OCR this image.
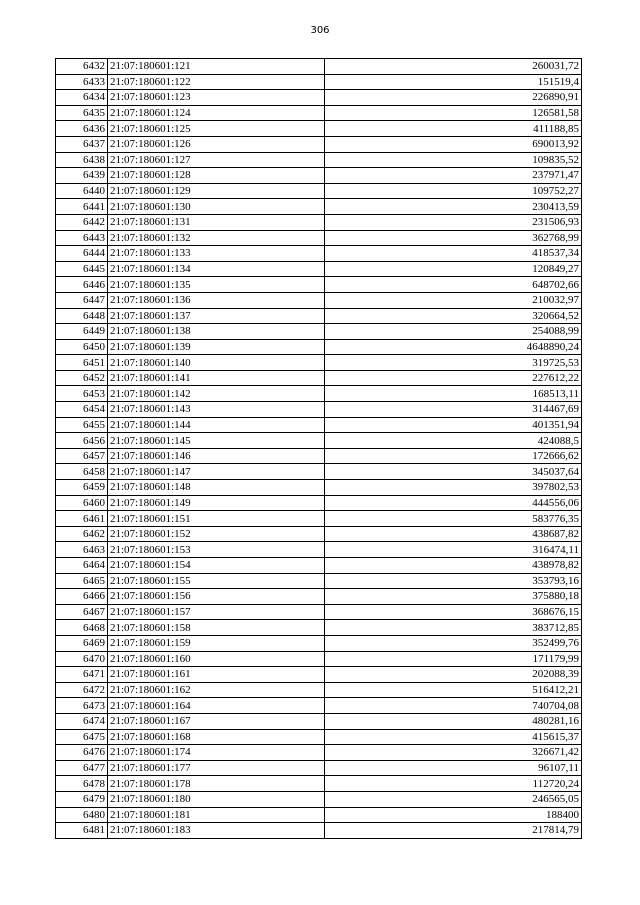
306
6432	21:07:180601:121	260031,72
6433	21:07:180601:122	151519,4
6434	21:07:180601:123	226890,91
6435	21:07:180601:124	126581,58
6436	21:07:180601:125	411188,85
6437	21:07:180601:126	690013,92
6438	21:07:180601:127	109835,52
6439	21:07:180601:128	237971,47
6440	21:07:180601:129	109752,27
6441	21:07:180601:130	230413,59
6442	21:07:180601:131	231506,93
6443	21:07:180601:132	362768,99
6444	21:07:180601:133	418537,34
6445	21:07:180601:134	120849,27
6446	21:07:180601:135	648702,66
6447	21:07:180601:136	210032,97
6448	21:07:180601:137	320664,52
6449	21:07:180601:138	254088,99
6450	21:07:180601:139	4648890,24
6451	21:07:180601:140	319725,53
6452	21:07:180601:141	227612,22
6453	21:07:180601:142	168513,11
6454	21:07:180601:143	314467,69
6455	21:07:180601:144	401351,94
6456	21:07:180601:145	424088,5
6457	21:07:180601:146	172666,62
6458	21:07:180601:147	345037,64
6459	21:07:180601:148	397802,53
6460	21:07:180601:149	444556,06
6461	21:07:180601:151	583776,35
6462	21:07:180601:152	438687,82
6463	21:07:180601:153	316474,11
6464	21:07:180601:154	438978,82
6465	21:07:180601:155	353793,16
6466	21:07:180601:156	375880,18
6467	21:07:180601:157	368676,15
6468	21:07:180601:158	383712,85
6469	21:07:180601:159	352499,76
6470	21:07:180601:160	171179,99
6471	21:07:180601:161	202088,39
6472	21:07:180601:162	516412,21
6473	21:07:180601:164	740704,08
6474	21:07:180601:167	480281,16
6475	21:07:180601:168	415615,37
6476	21:07:180601:174	326671,42
6477	21:07:180601:177	96107,11
6478	21:07:180601:178	112720,24
6479	21:07:180601:180	246565,05
6480	21:07:180601:181	188400
6481	21:07:180601:183	217814,79
